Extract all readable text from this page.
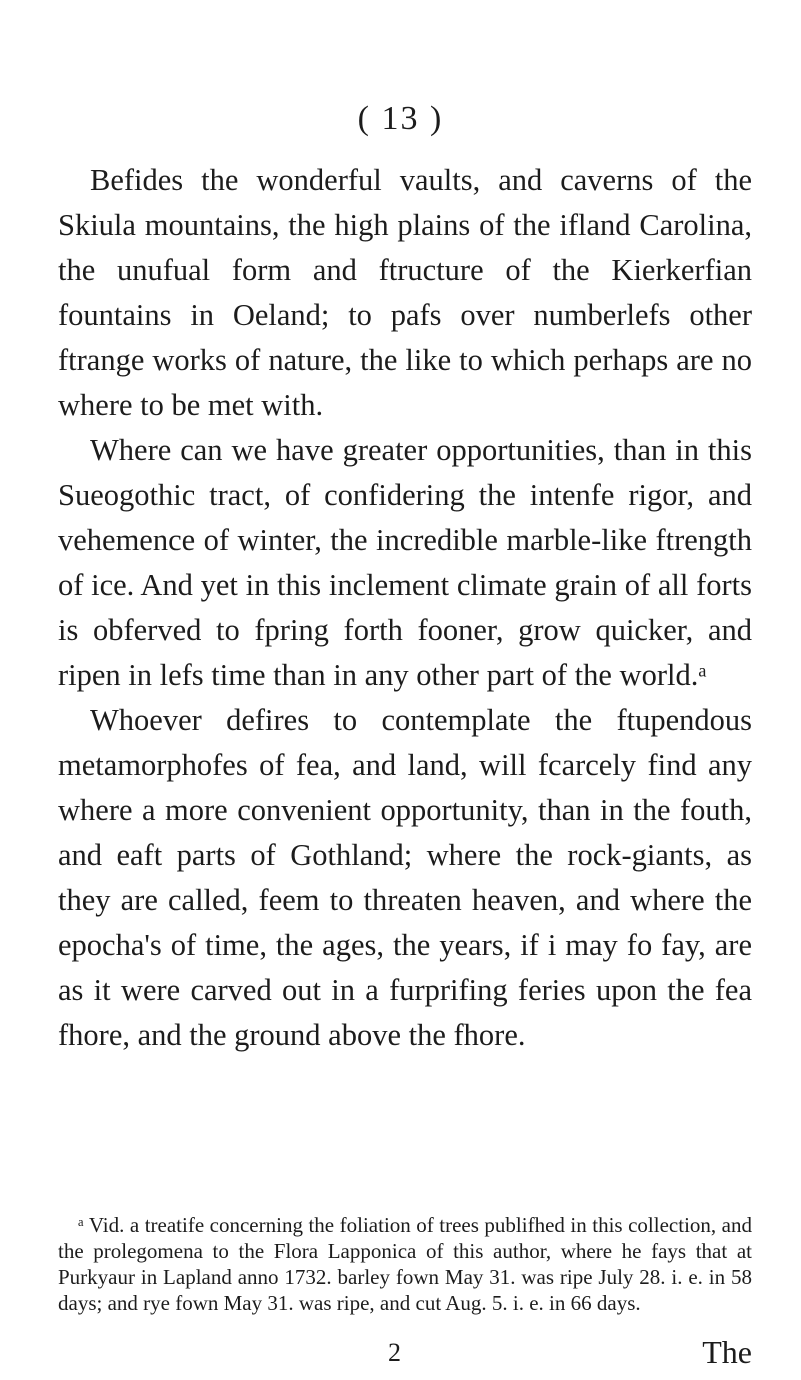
( 13 )

Befides the wonderful vaults, and caverns of the Skiula mountains, the high plains of the ifland Carolina, the unufual form and ftructure of the Kierkerfian fountains in Oeland; to pafs over numberlefs other ftrange works of nature, the like to which perhaps are no where to be met with.

Where can we have greater opportunities, than in this Sueogothic tract, of confidering the intenfe rigor, and vehemence of winter, the incredible marble-like ftrength of ice. And yet in this inclement climate grain of all forts is obferved to fpring forth fooner, grow quicker, and ripen in lefs time than in any other part of the world.ᵃ

Whoever defires to contemplate the ftupendous metamorphofes of fea, and land, will fcarcely find any where a more convenient opportunity, than in the fouth, and eaft parts of Gothland; where the rock-giants, as they are called, feem to threaten heaven, and where the epocha's of time, the ages, the years, if i may fo fay, are as it were carved out in a furprifing feries upon the fea fhore, and the ground above the fhore.

ᵃ Vid. a treatife concerning the foliation of trees publifhed in this collection, and the prolegomena to the Flora Lapponica of this author, where he fays that at Purkyaur in Lapland anno 1732. barley fown May 31. was ripe July 28. i. e. in 58 days; and rye fown May 31. was ripe, and cut Aug. 5. i. e. in 66 days.

2	The
